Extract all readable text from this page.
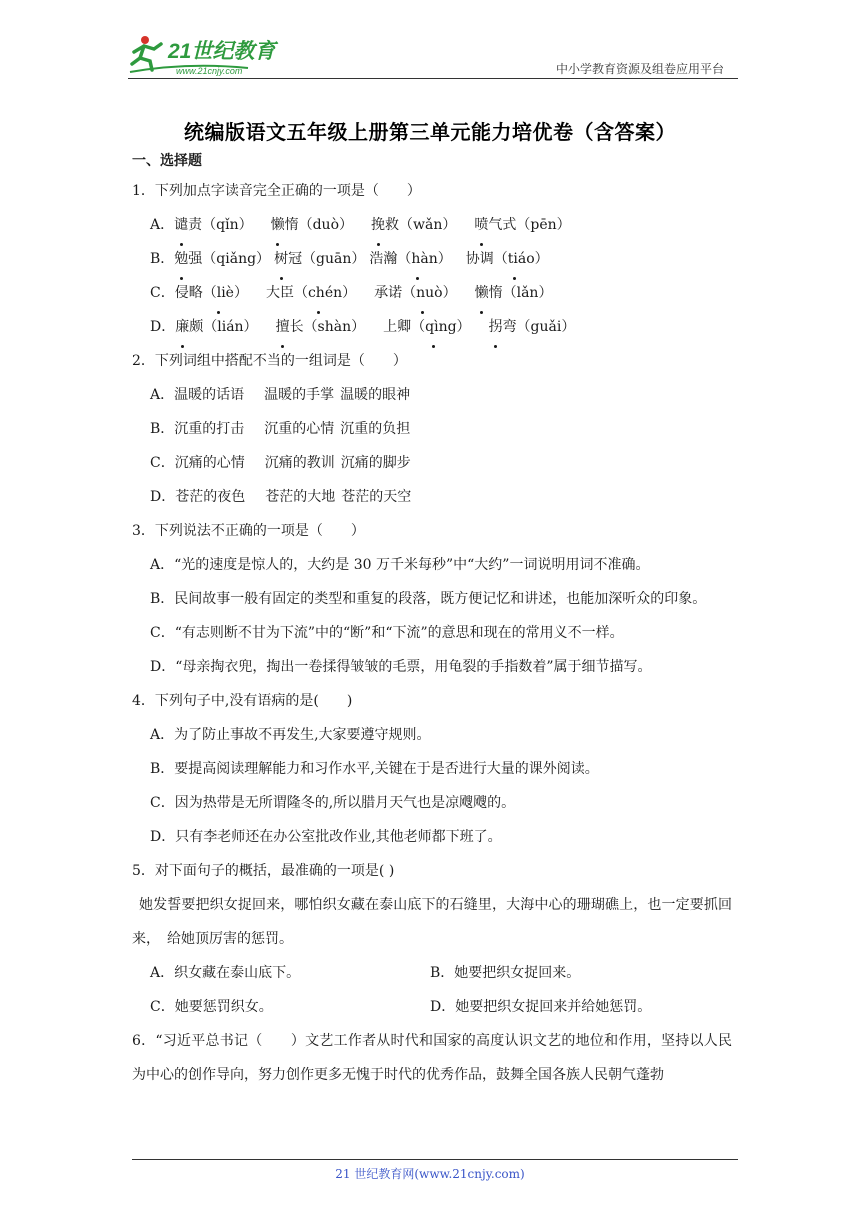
21世纪教育
www.21cnjy.com	中小学教育资源及组卷应用平台
统编版语文五年级上册第三单元能力培优卷（含答案）
一、选择题
1．下列加点字读音完全正确的一项是（　　）
A．谴责（qǐn） 懒惰（duò） 挽救（wǎn） 喷气式（pēn）
B．勉强（qiǎng） 树冠（guān） 浩瀚（hàn） 协调（tiáo）
C．侵略（liè） 大臣（chén） 承诺（nuò） 懒惰（lǎn）
D．廉颇（lián） 擅长（shàn） 上卿（qìng） 拐弯（guǎi）
2．下列词组中搭配不当的一组词是（　　）
A．温暖的话语 温暖的手掌 温暖的眼神
B．沉重的打击 沉重的心情 沉重的负担
C．沉痛的心情 沉痛的教训 沉痛的脚步
D．苍茫的夜色 苍茫的大地 苍茫的天空
3．下列说法不正确的一项是（　　）
A．“光的速度是惊人的，大约是 30 万千米每秒”中“大约”一词说明用词不准确。
B．民间故事一般有固定的类型和重复的段落，既方便记忆和讲述，也能加深听众的印象。
C．“有志则断不甘为下流”中的“断”和“下流”的意思和现在的常用义不一样。
D．“母亲掏衣兜，掏出一卷揉得皱皱的毛票，用龟裂的手指数着”属于细节描写。
4．下列句子中,没有语病的是(　　)
A．为了防止事故不再发生,大家要遵守规则。
B．要提高阅读理解能力和习作水平,关键在于是否进行大量的课外阅读。
C．因为热带是无所谓隆冬的,所以腊月天气也是凉飕飕的。
D．只有李老师还在办公室批改作业,其他老师都下班了。
5．对下面句子的概括，最准确的一项是( )
她发誓要把织女捉回来，哪怕织女藏在泰山底下的石缝里，大海中心的珊瑚礁上，也一定要抓回来，　给她顶厉害的惩罚。
A．织女藏在泰山底下。	B．她要把织女捉回来。
C．她要惩罚织女。	D．她要把织女捉回来并给她惩罚。
6．“习近平总书记（　　）文艺工作者从时代和国家的高度认识文艺的地位和作用，坚持以人民为中心的创作导向，努力创作更多无愧于时代的优秀作品，鼓舞全国各族人民朝气蓬勃
21 世纪教育网(www.21cnjy.com)
